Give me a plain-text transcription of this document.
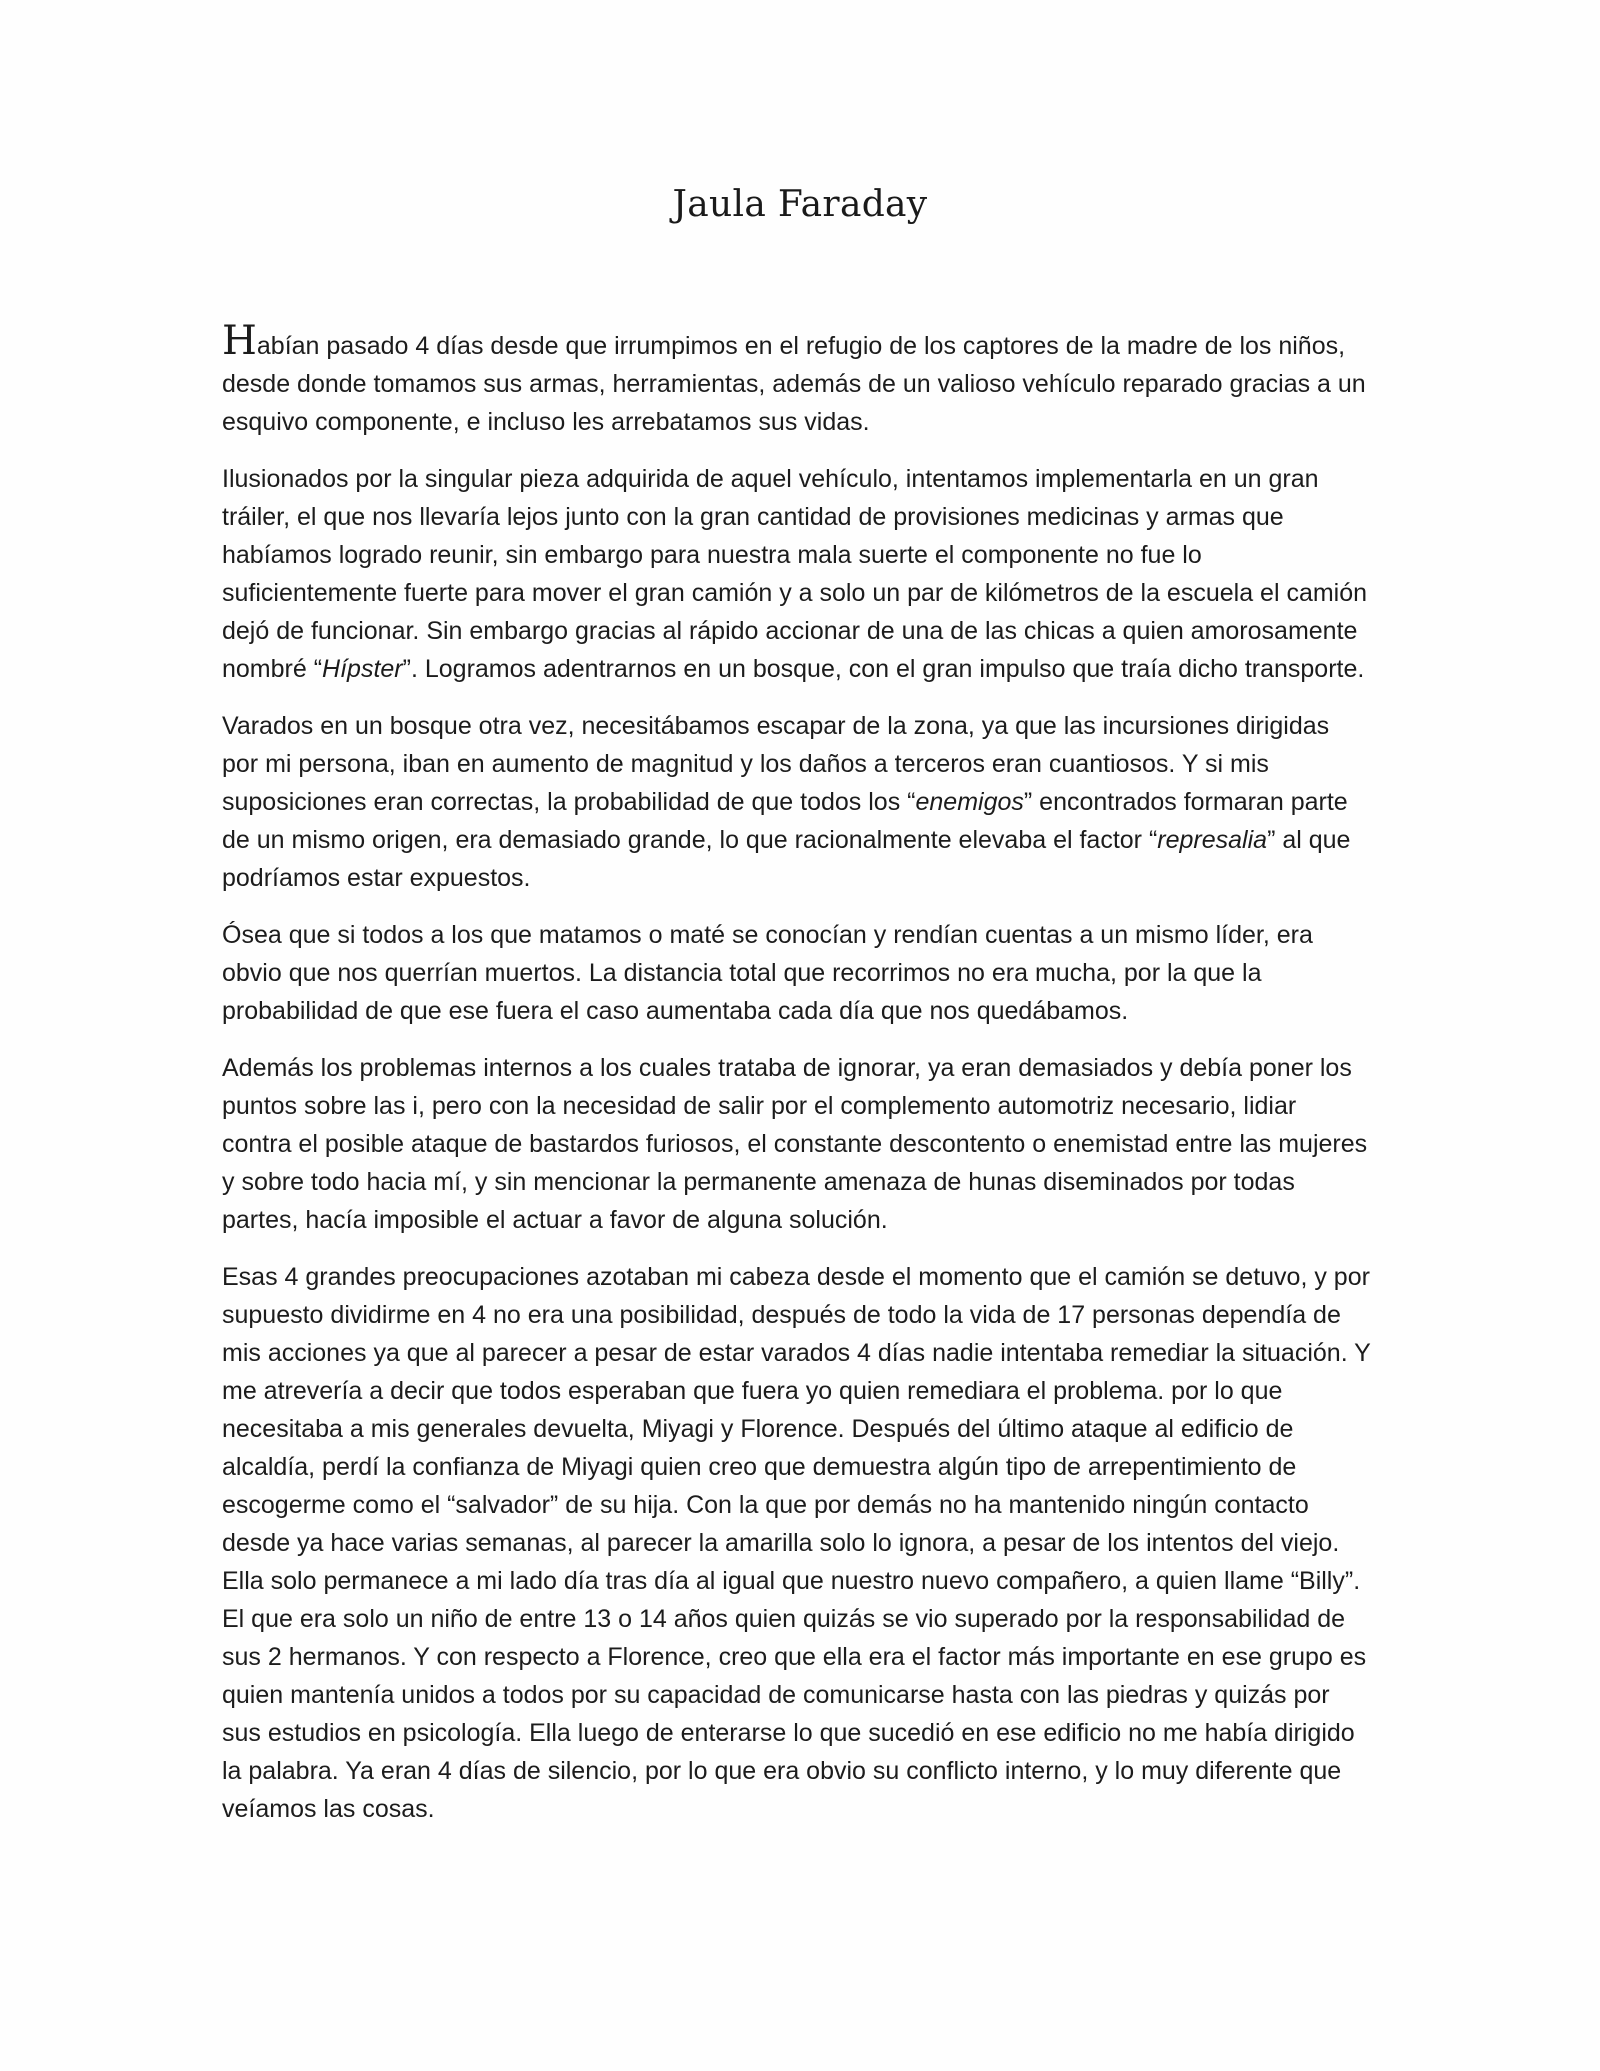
Jaula Faraday

Habían pasado 4 días desde que irrumpimos en el refugio de los captores de la madre de los niños, desde donde tomamos sus armas, herramientas, además de un valioso vehículo reparado gracias a un esquivo componente, e incluso les arrebatamos sus vidas.

Ilusionados por la singular pieza adquirida de aquel vehículo, intentamos implementarla en un gran tráiler, el que nos llevaría lejos junto con la gran cantidad de provisiones medicinas y armas que habíamos logrado reunir, sin embargo para nuestra mala suerte el componente no fue lo suficientemente fuerte para mover el gran camión y a solo un par de kilómetros de la escuela el camión dejó de funcionar. Sin embargo gracias al rápido accionar de una de las chicas a quien amorosamente nombré “Hípster”. Logramos adentrarnos en un bosque, con el gran impulso que traía dicho transporte.

Varados en un bosque otra vez, necesitábamos escapar de la zona, ya que las incursiones dirigidas por mi persona, iban en aumento de magnitud y los daños a terceros eran cuantiosos. Y si mis suposiciones eran correctas, la probabilidad de que todos los “enemigos” encontrados formaran parte de un mismo origen, era demasiado grande, lo que racionalmente elevaba el factor “represalia” al que podríamos estar expuestos.

Ósea que si todos a los que matamos o maté se conocían y rendían cuentas a un mismo líder, era obvio que nos querrían muertos. La distancia total que recorrimos no era mucha, por la que la probabilidad de que ese fuera el caso aumentaba cada día que nos quedábamos.

Además los problemas internos a los cuales trataba de ignorar, ya eran demasiados y debía poner los puntos sobre las i, pero con la necesidad de salir por el complemento automotriz necesario, lidiar contra el posible ataque de bastardos furiosos, el constante descontento o enemistad entre las mujeres y sobre todo hacia mí, y sin mencionar la permanente amenaza de hunas diseminados por todas partes, hacía imposible el actuar a favor de alguna solución.

Esas 4 grandes preocupaciones azotaban mi cabeza desde el momento que el camión se detuvo, y por supuesto dividirme en 4 no era una posibilidad, después de todo la vida de 17 personas dependía de mis acciones ya que al parecer a pesar de estar varados 4 días nadie intentaba remediar la situación. Y me atrevería a decir que todos esperaban que fuera yo quien remediara el problema. por lo que necesitaba a mis generales devuelta, Miyagi y Florence. Después del último ataque al edificio de alcaldía, perdí la confianza de Miyagi quien creo que demuestra algún tipo de arrepentimiento de escogerme como el “salvador” de su hija. Con la que por demás no ha mantenido ningún contacto desde ya hace varias semanas, al parecer la amarilla solo lo ignora, a pesar de los intentos del viejo. Ella solo permanece a mi lado día tras día al igual que nuestro nuevo compañero, a quien llame “Billy”. El que era solo un niño de entre 13 o 14 años quien quizás se vio superado por la responsabilidad de sus 2 hermanos. Y con respecto a Florence, creo que ella era el factor más importante en ese grupo es quien mantenía unidos a todos por su capacidad de comunicarse hasta con las piedras y quizás por sus estudios en psicología. Ella luego de enterarse lo que sucedió en ese edificio no me había dirigido la palabra. Ya eran 4 días de silencio, por lo que era obvio su conflicto interno, y lo muy diferente que veíamos las cosas.
